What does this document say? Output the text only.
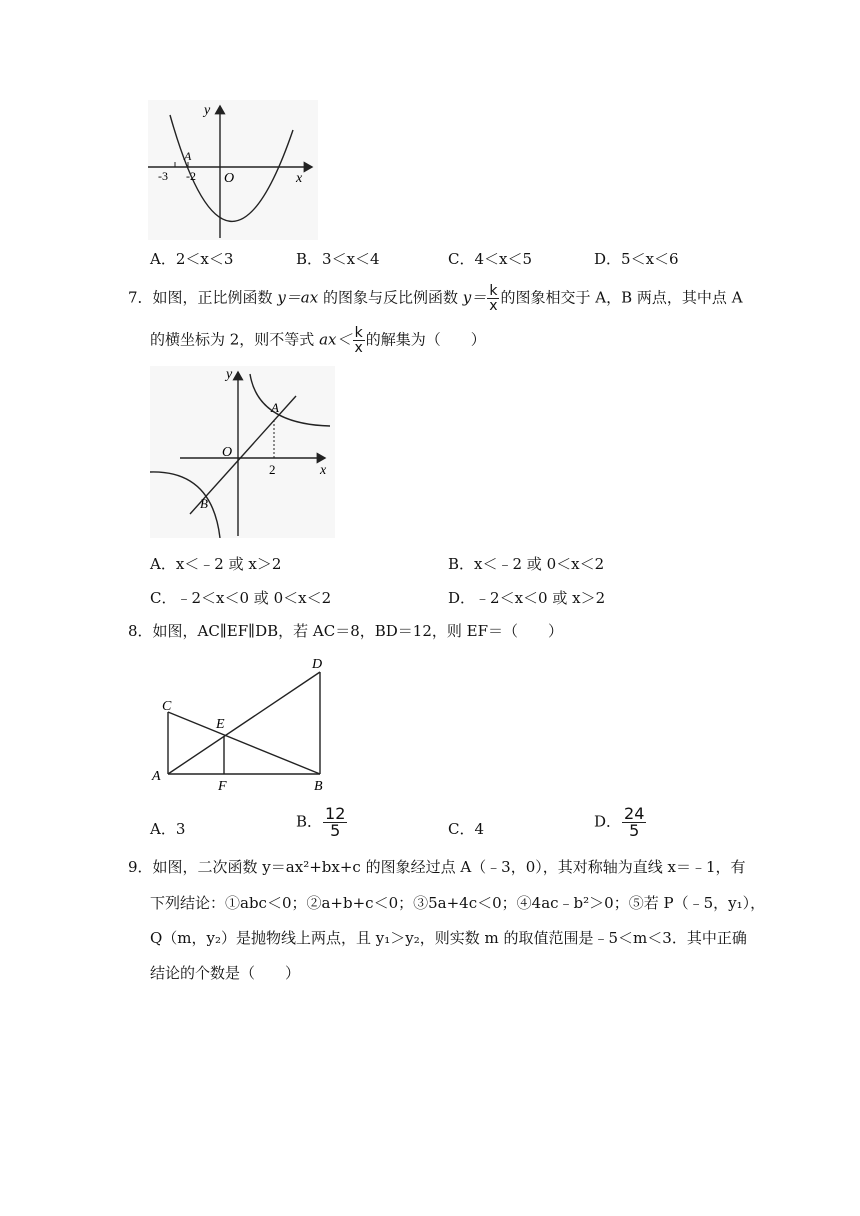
y
A
-3 -2 O	x
A．2＜x＜3	B．3＜x＜4	C．4＜x＜5	D．5＜x＜6
7．如图，正比例函数 y＝ax 的图象与反比例函数 $y= \frac{k}{x}$ 的图象相交于 A，B 两点，其中点 A
的横坐标为 2，则不等式 $ax< \frac{k}{x}$ 的解集为（　　）
y
A
O
2	x
B
A．x＜﹣2 或 x＞2	B．x＜﹣2 或 0＜x＜2
C．﹣2＜x＜0 或 0＜x＜2	D．﹣2＜x＜0 或 x＞2
8．如图，AC∥EF∥DB，若 AC＝8，BD＝12，则 EF＝（　　）
C
D
E
A
F	B
A．3	B． $\frac{12}{5}$	C．4	D． $\frac{24}{5}$
9．如图，二次函数 y＝ax²+bx+c 的图象经过点 A（﹣3，0），其对称轴为直线 x＝﹣1，有
下列结论：①abc＜0；②a+b+c＜0；③5a+4c＜0；④4ac﹣b²＞0；⑤若 P（﹣5，y₁），
Q（m，y₂）是抛物线上两点，且 y₁＞y₂，则实数 m 的取值范围是﹣5＜m＜3．其中正确
结论的个数是（　　）
